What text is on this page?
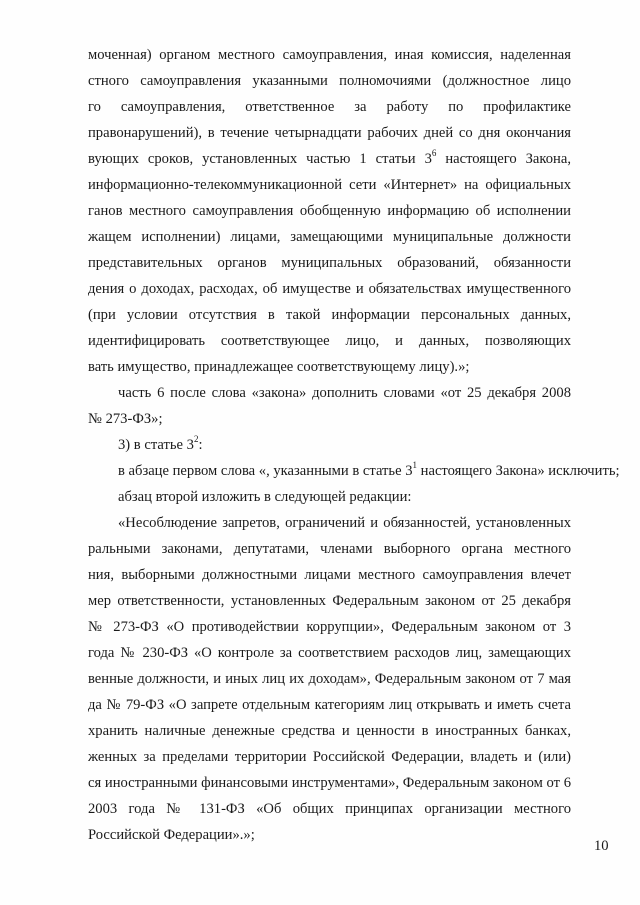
моченная) органом местного самоуправления, иная комиссия, наделенная
стного самоуправления указанными полномочиями (должностное лицо
го самоуправления, ответственное за работу по профилактике
правонарушений), в течение четырнадцати рабочих дней со дня окончания
вующих сроков, установленных частью 1 статьи $3^6$ настоящего Закона,
информационно-телекоммуникационной сети «Интернет» на официальных
ганов местного самоуправления обобщенную информацию об исполнении
жащем исполнении) лицами, замещающими муниципальные должности
представительных органов муниципальных образований, обязанности
дения о доходах, расходах, об имуществе и обязательствах имущественного
(при условии отсутствия в такой информации персональных данных,
идентифицировать соответствующее лицо, и данных, позволяющих
вать имущество, принадлежащее соответствующему лицу).»;
часть 6 после слова «закона» дополнить словами «от 25 декабря 2008
№ 273-ФЗ»;
3) в статье $3^2$:
в абзаце первом слова «, указанными в статье $3^1$ настоящего Закона» исключить;
абзац второй изложить в следующей редакции:
«Несоблюдение запретов, ограничений и обязанностей, установленных
ральными законами, депутатами, членами выборного органа местного
ния, выборными должностными лицами местного самоуправления влечет
мер ответственности, установленных Федеральным законом от 25 декабря
№ 273-ФЗ «О противодействии коррупции», Федеральным законом от 3
года № 230-ФЗ «О контроле за соответствием расходов лиц, замещающих
венные должности, и иных лиц их доходам», Федеральным законом от 7 мая
да № 79-ФЗ «О запрете отдельным категориям лиц открывать и иметь счета
хранить наличные денежные средства и ценности в иностранных банках,
женных за пределами территории Российской Федерации, владеть и (или)
ся иностранными финансовыми инструментами», Федеральным законом от 6
2003 года № 131-ФЗ «Об общих принципах организации местного
Российской Федерации».»;
10
